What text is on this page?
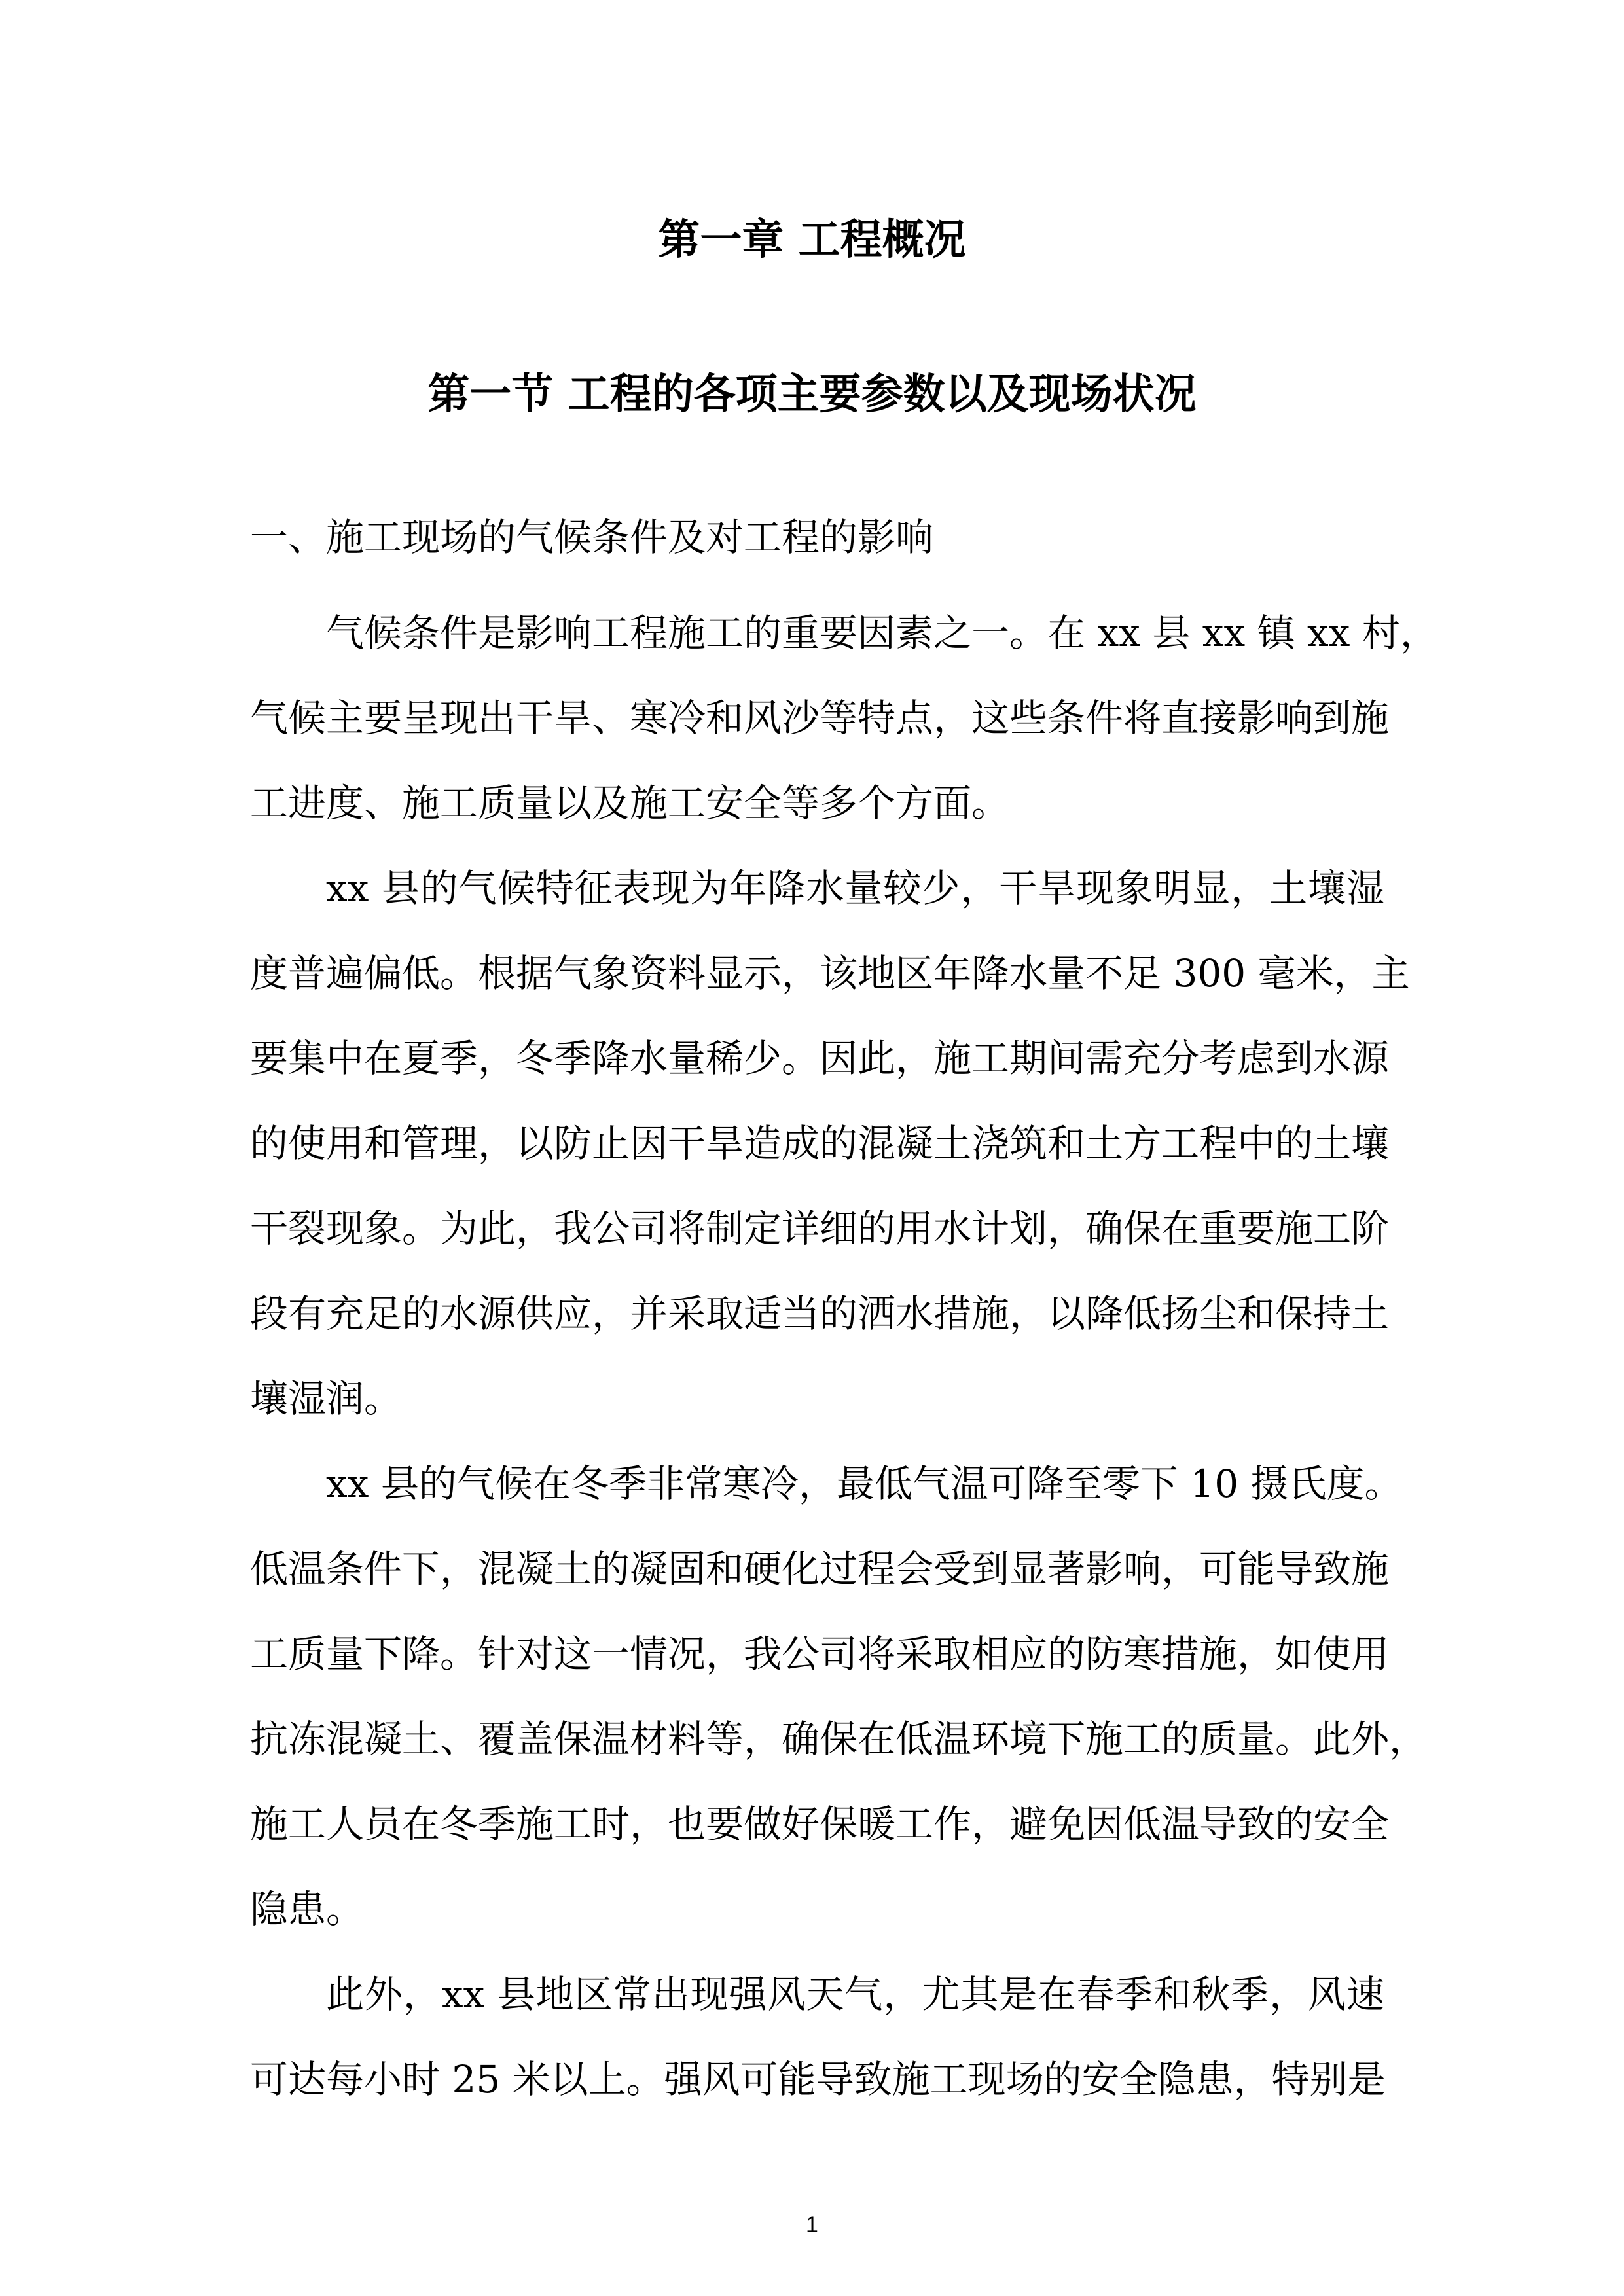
第一章 工程概况
第一节 工程的各项主要参数以及现场状况
一、施工现场的气候条件及对工程的影响
气候条件是影响工程施工的重要因素之一。在 xx 县 xx 镇 xx 村，
气候主要呈现出干旱、寒冷和风沙等特点，这些条件将直接影响到施
工进度、施工质量以及施工安全等多个方面。
xx 县的气候特征表现为年降水量较少，干旱现象明显，土壤湿
度普遍偏低。根据气象资料显示，该地区年降水量不足 300 毫米，主
要集中在夏季，冬季降水量稀少。因此，施工期间需充分考虑到水源
的使用和管理，以防止因干旱造成的混凝土浇筑和土方工程中的土壤
干裂现象。为此，我公司将制定详细的用水计划，确保在重要施工阶
段有充足的水源供应，并采取适当的洒水措施，以降低扬尘和保持土
壤湿润。
xx 县的气候在冬季非常寒冷，最低气温可降至零下 10 摄氏度。
低温条件下，混凝土的凝固和硬化过程会受到显著影响，可能导致施
工质量下降。针对这一情况，我公司将采取相应的防寒措施，如使用
抗冻混凝土、覆盖保温材料等，确保在低温环境下施工的质量。此外，
施工人员在冬季施工时，也要做好保暖工作，避免因低温导致的安全
隐患。
此外，xx 县地区常出现强风天气，尤其是在春季和秋季，风速
可达每小时 25 米以上。强风可能导致施工现场的安全隐患，特别是
1
